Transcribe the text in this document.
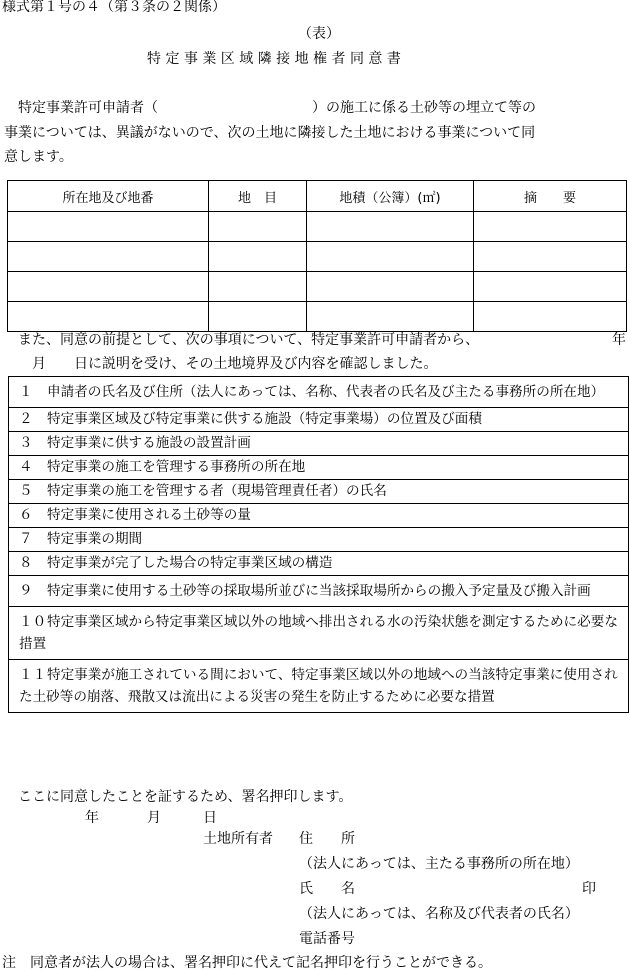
様式第１号の４（第３条の２関係）
（表）
特 定 事 業 区 域 隣 接 地 権 者 同 意 書
特定事業許可申請者（　　　　　　　　　　　）の施工に係る土砂等の埋立て等の
事業については、異議がないので、次の土地に隣接した土地における事業について同
意します。
所在地及び地番	地　目	地積（公簿）(㎡)	摘　　要

また、同意の前提として、次の事項について、特定事業許可申請者から、	年
月　　日に説明を受け、その土地境界及び内容を確認しました。
１ 申請者の氏名及び住所（法人にあっては、名称、代表者の氏名及び主たる事務所の所在地）
２ 特定事業区域及び特定事業に供する施設（特定事業場）の位置及び面積
３ 特定事業に供する施設の設置計画
４ 特定事業の施工を管理する事務所の所在地
５ 特定事業の施工を管理する者（現場管理責任者）の氏名
６ 特定事業に使用される土砂等の量
７ 特定事業の期間
８ 特定事業が完了した場合の特定事業区域の構造
９ 特定事業に使用する土砂等の採取場所並びに当該採取場所からの搬入予定量及び搬入計画
１０特定事業区域から特定事業区域以外の地域へ排出される水の汚染状態を測定するために必要な措置
１１特定事業が施工されている間において、特定事業区域以外の地域への当該特定事業に使用された土砂等の崩落、飛散又は流出による災害の発生を防止するために必要な措置
ここに同意したことを証するため、署名押印します。
年	月	日
土地所有者 住　　所
（法人にあっては、主たる事務所の所在地）
氏　　名	印
（法人にあっては、名称及び代表者の氏名）
電話番号
注　同意者が法人の場合は、署名押印に代えて記名押印を行うことができる。
